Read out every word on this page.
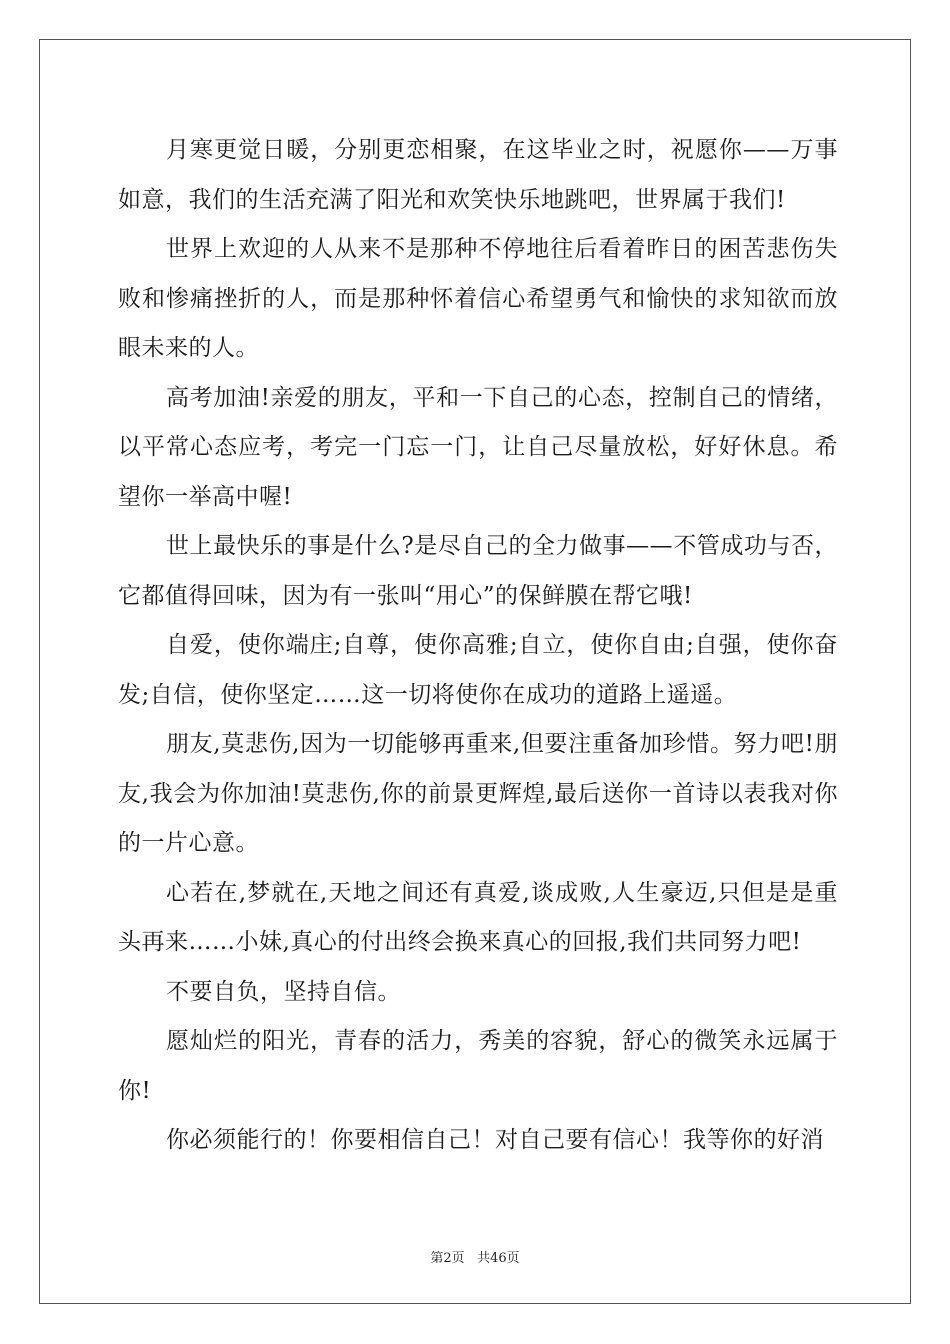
月寒更觉日暖，分别更恋相聚，在这毕业之时，祝愿你——万事如意，我们的生活充满了阳光和欢笑快乐地跳吧，世界属于我们!

世界上欢迎的人从来不是那种不停地往后看着昨日的困苦悲伤失败和惨痛挫折的人，而是那种怀着信心希望勇气和愉快的求知欲而放眼未来的人。

高考加油!亲爱的朋友，平和一下自己的心态，控制自己的情绪，以平常心态应考，考完一门忘一门，让自己尽量放松，好好休息。希望你一举高中喔!

世上最快乐的事是什么?是尽自己的全力做事——不管成功与否，它都值得回味，因为有一张叫“用心”的保鲜膜在帮它哦!

自爱，使你端庄;自尊，使你高雅;自立，使你自由;自强，使你奋发;自信，使你坚定……这一切将使你在成功的道路上遥遥。

朋友,莫悲伤,因为一切能够再重来,但要注重备加珍惜。努力吧!朋友,我会为你加油!莫悲伤,你的前景更辉煌,最后送你一首诗以表我对你的一片心意。

心若在,梦就在,天地之间还有真爱,谈成败,人生豪迈,只但是是重头再来……小妹,真心的付出终会换来真心的回报,我们共同努力吧!

不要自负，坚持自信。

愿灿烂的阳光，青春的活力，秀美的容貌，舒心的微笑永远属于你!

你必须能行的！你要相信自己！对自己要有信心！我等你的好消

第2页 共46页
